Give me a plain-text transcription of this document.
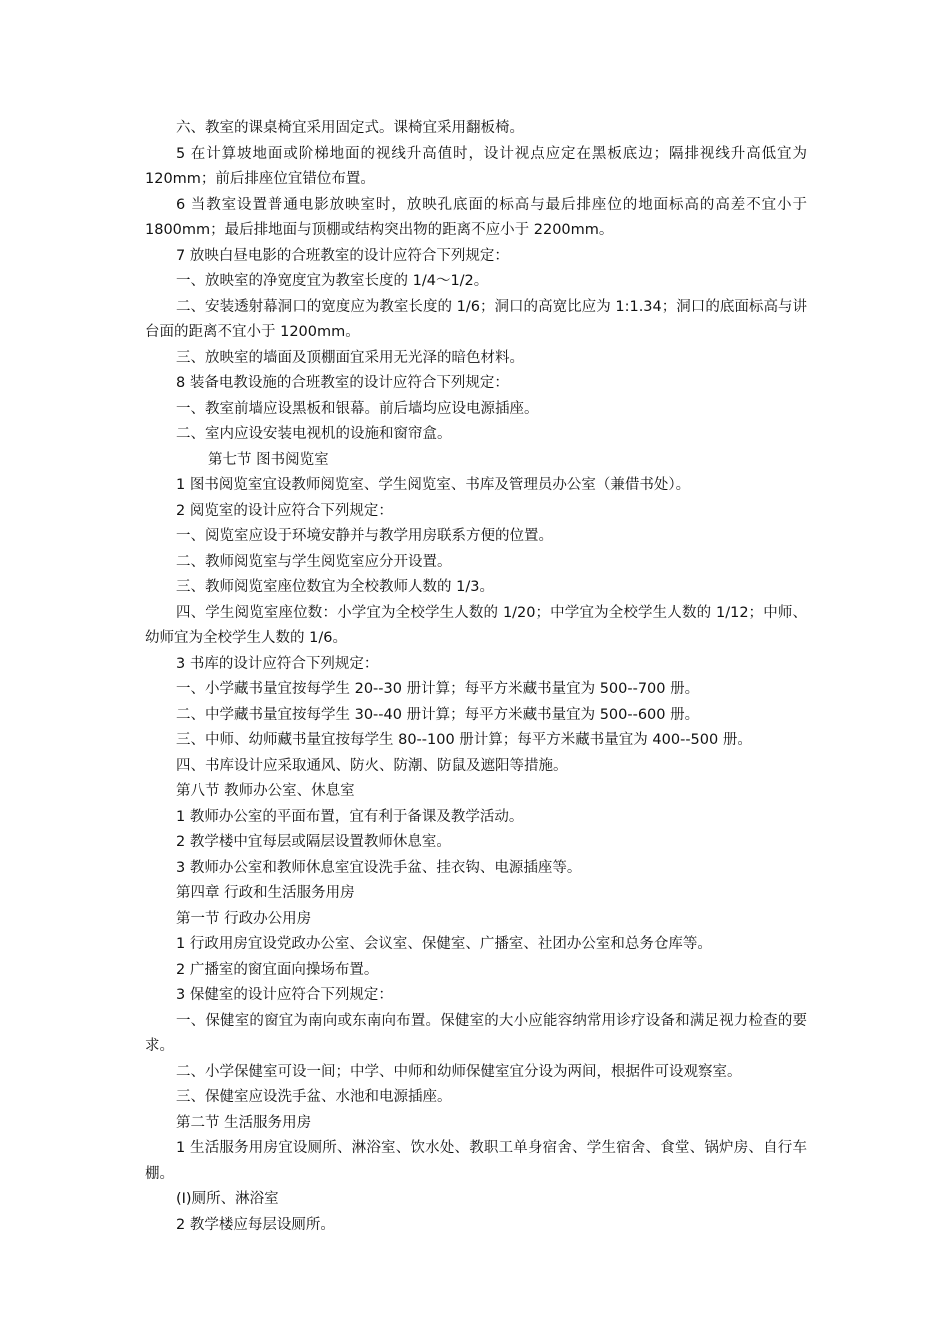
六、教室的课桌椅宜采用固定式。课椅宜采用翻板椅。

5 在计算坡地面或阶梯地面的视线升高值时，设计视点应定在黑板底边；隔排视线升高低宜为 120mm；前后排座位宜错位布置。

6 当教室设置普通电影放映室时，放映孔底面的标高与最后排座位的地面标高的高差不宜小于 1800mm；最后排地面与顶棚或结构突出物的距离不应小于 2200mm。

7 放映白昼电影的合班教室的设计应符合下列规定：

一、放映室的净宽度宜为教室长度的 1/4～1/2。

二、安装透射幕洞口的宽度应为教室长度的 1/6；洞口的高宽比应为 1:1.34；洞口的底面标高与讲台面的距离不宜小于 1200mm。

三、放映室的墙面及顶棚面宜采用无光泽的暗色材料。

8 装备电教设施的合班教室的设计应符合下列规定：

一、教室前墙应设黑板和银幕。前后墙均应设电源插座。

二、室内应设安装电视机的设施和窗帘盒。

第七节 图书阅览室

1 图书阅览室宜设教师阅览室、学生阅览室、书库及管理员办公室（兼借书处）。

2 阅览室的设计应符合下列规定：

一、阅览室应设于环境安静并与教学用房联系方便的位置。

二、教师阅览室与学生阅览室应分开设置。

三、教师阅览室座位数宜为全校教师人数的 1/3。

四、学生阅览室座位数：小学宜为全校学生人数的 1/20；中学宜为全校学生人数的 1/12；中师、幼师宜为全校学生人数的 1/6。

3 书库的设计应符合下列规定：

一、小学藏书量宜按每学生 20--30 册计算；每平方米藏书量宜为 500--700 册。

二、中学藏书量宜按每学生 30--40 册计算；每平方米藏书量宜为 500--600 册。

三、中师、幼师藏书量宜按每学生 80--100 册计算；每平方米藏书量宜为 400--500 册。

四、书库设计应采取通风、防火、防潮、防鼠及遮阳等措施。

第八节 教师办公室、休息室

1 教师办公室的平面布置，宜有利于备课及教学活动。

2 教学楼中宜每层或隔层设置教师休息室。

3 教师办公室和教师休息室宜设洗手盆、挂衣钩、电源插座等。

第四章 行政和生活服务用房

第一节 行政办公用房

1 行政用房宜设党政办公室、会议室、保健室、广播室、社团办公室和总务仓库等。

2 广播室的窗宜面向操场布置。

3 保健室的设计应符合下列规定：

一、保健室的窗宜为南向或东南向布置。保健室的大小应能容纳常用诊疗设备和满足视力检查的要求。

二、小学保健室可设一间；中学、中师和幼师保健室宜分设为两间，根据件可设观察室。

三、保健室应设洗手盆、水池和电源插座。

第二节 生活服务用房

1 生活服务用房宜设厕所、淋浴室、饮水处、教职工单身宿舍、学生宿舍、食堂、锅炉房、自行车棚。

(I)厕所、淋浴室

2 教学楼应每层设厕所。
